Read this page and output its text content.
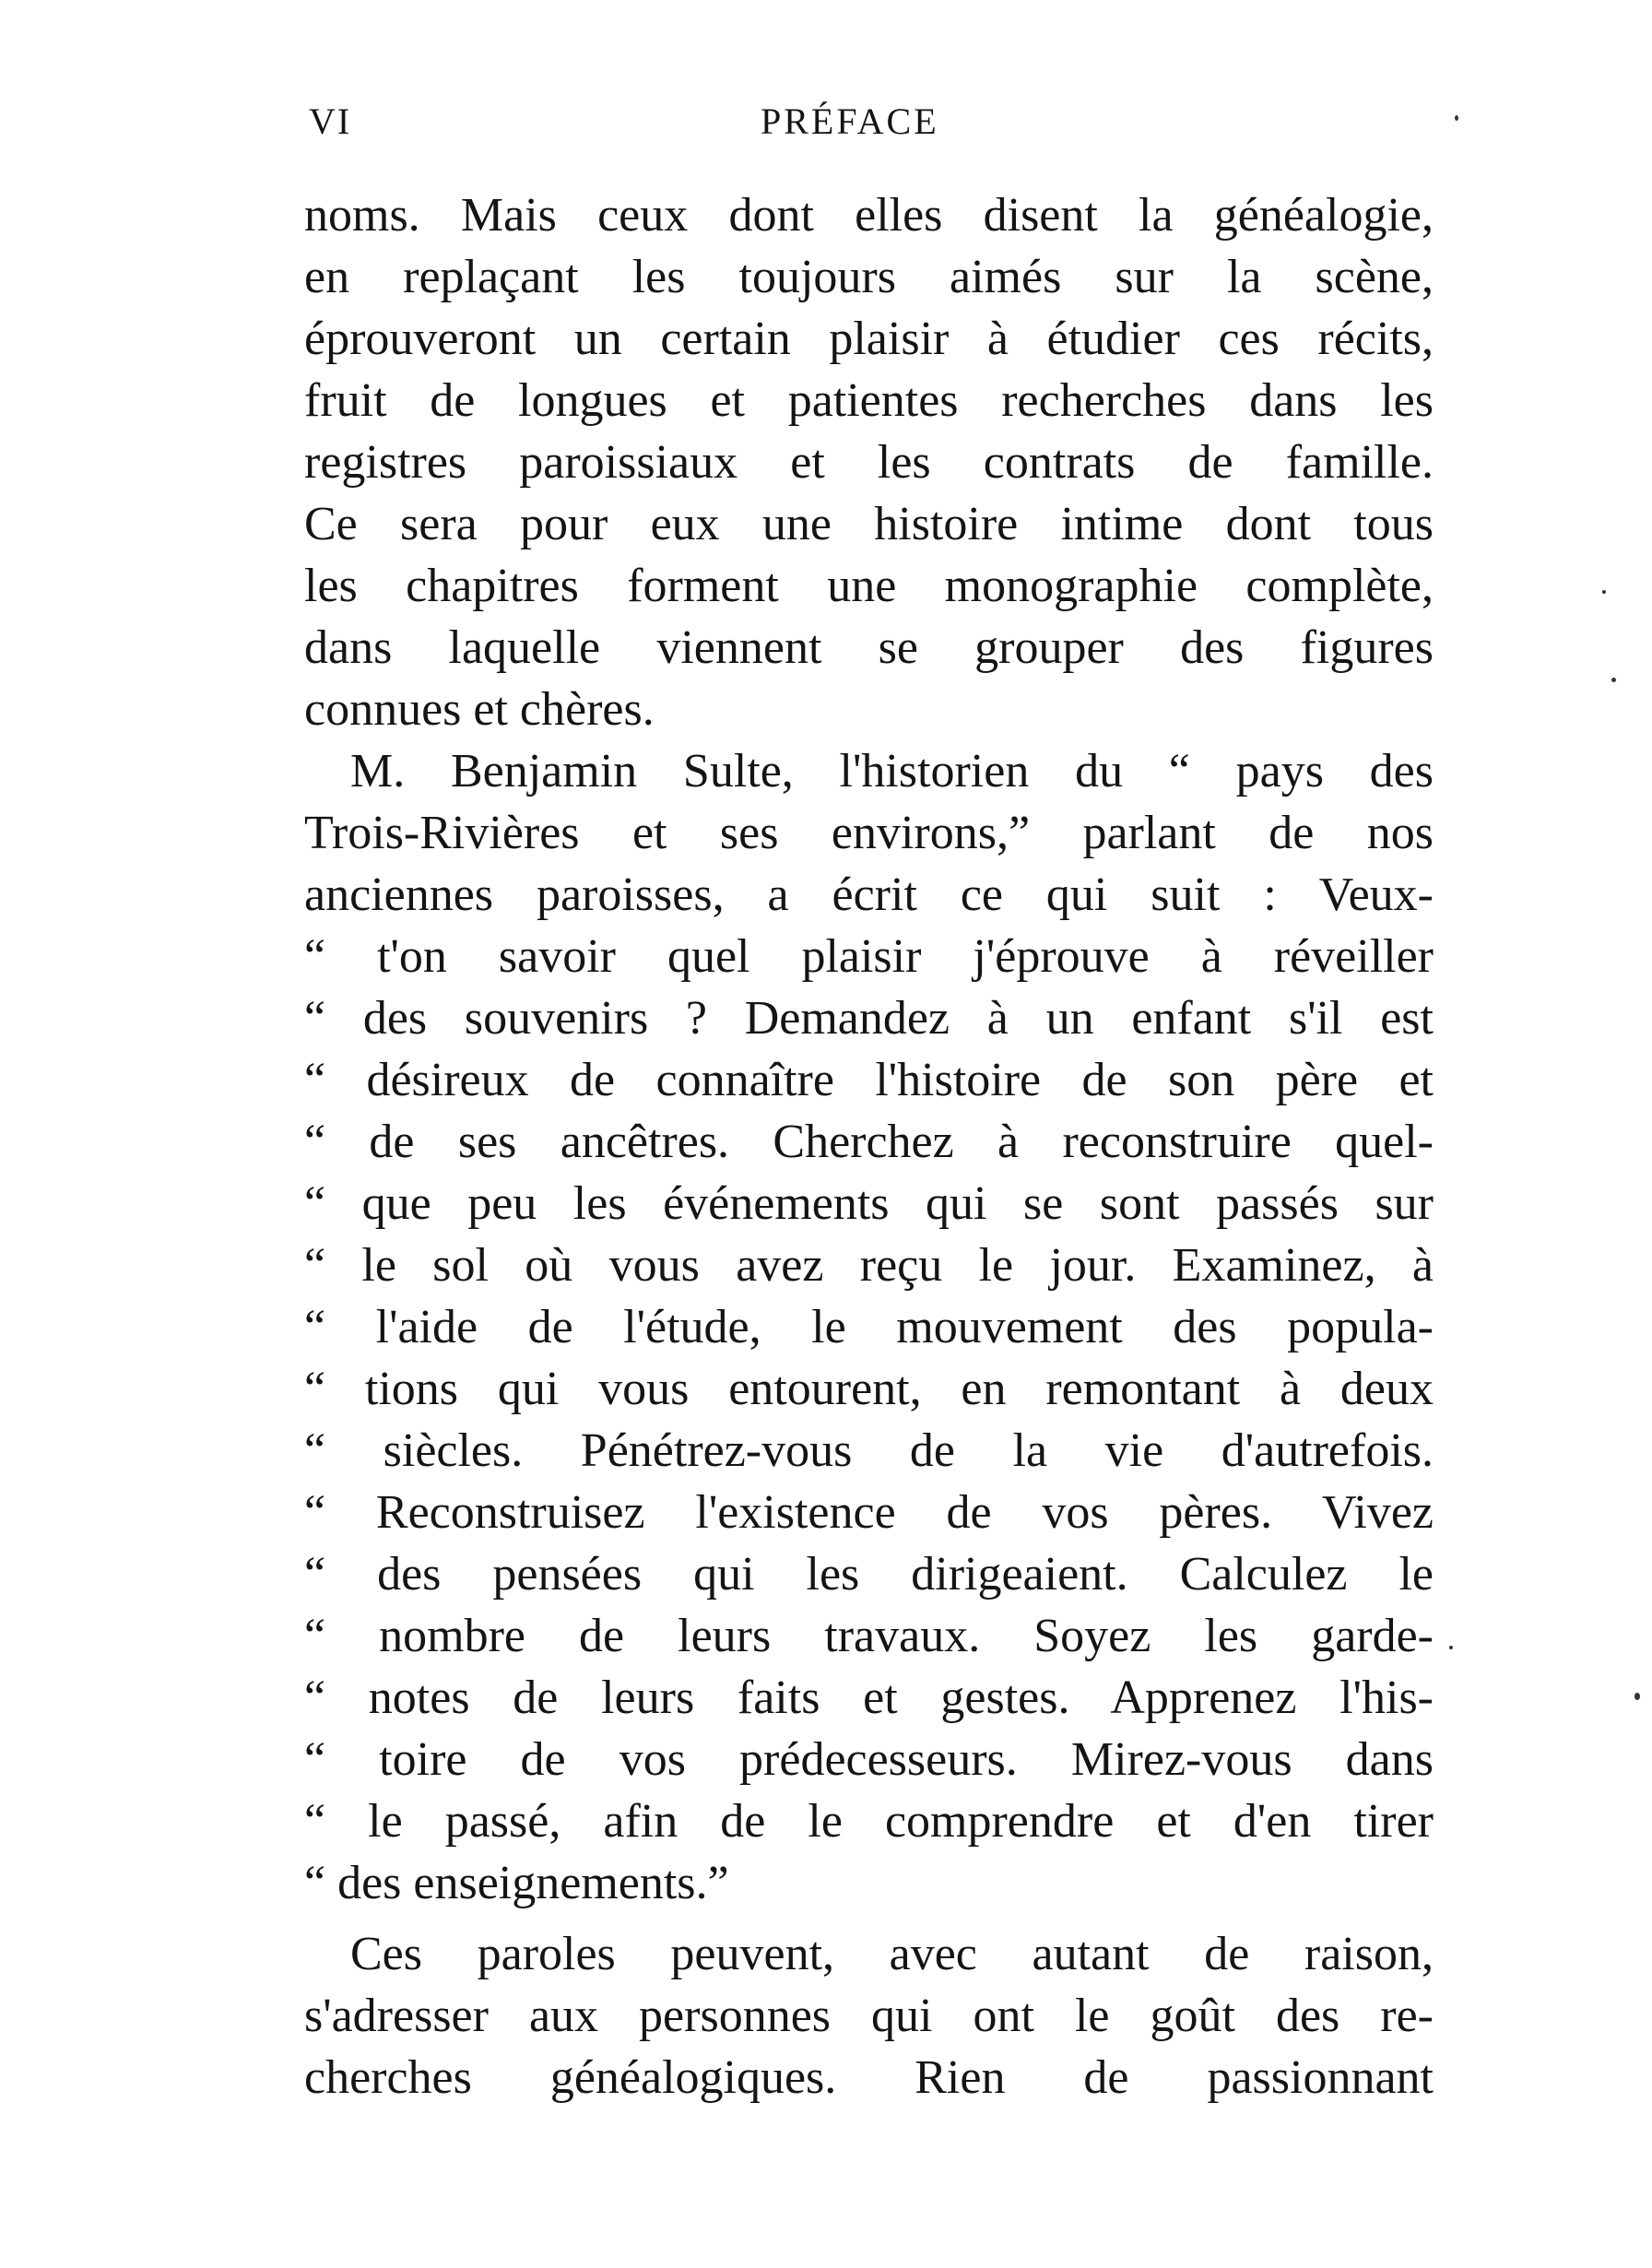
VI	PRÉFACE
noms. Mais ceux dont elles disent la généalogie,
en replaçant les toujours aimés sur la scène,
éprouveront un certain plaisir à étudier ces récits,
fruit de longues et patientes recherches dans les
registres paroissiaux et les contrats de famille.
Ce sera pour eux une histoire intime dont tous
les chapitres forment une monographie complète,
dans laquelle viennent se grouper des figures
connues et chères.
M. Benjamin Sulte, l'historien du “ pays des
Trois-Rivières et ses environs,” parlant de nos
anciennes paroisses, a écrit ce qui suit : Veux-
“ t'on savoir quel plaisir j'éprouve à réveiller
“ des souvenirs ? Demandez à un enfant s'il est
“ désireux de connaître l'histoire de son père et
“ de ses ancêtres. Cherchez à reconstruire quel-
“ que peu les événements qui se sont passés sur
“ le sol où vous avez reçu le jour. Examinez, à
“ l'aide de l'étude, le mouvement des popula-
“ tions qui vous entourent, en remontant à deux
“ siècles. Pénétrez-vous de la vie d'autrefois.
“ Reconstruisez l'existence de vos pères. Vivez
“ des pensées qui les dirigeaient. Calculez le
“ nombre de leurs travaux. Soyez les garde-
“ notes de leurs faits et gestes. Apprenez l'his-
“ toire de vos prédecesseurs. Mirez-vous dans
“ le passé, afin de le comprendre et d'en tirer
“ des enseignements.”
Ces paroles peuvent, avec autant de raison,
s'adresser aux personnes qui ont le goût des re-
cherches généalogiques. Rien de passionnant
